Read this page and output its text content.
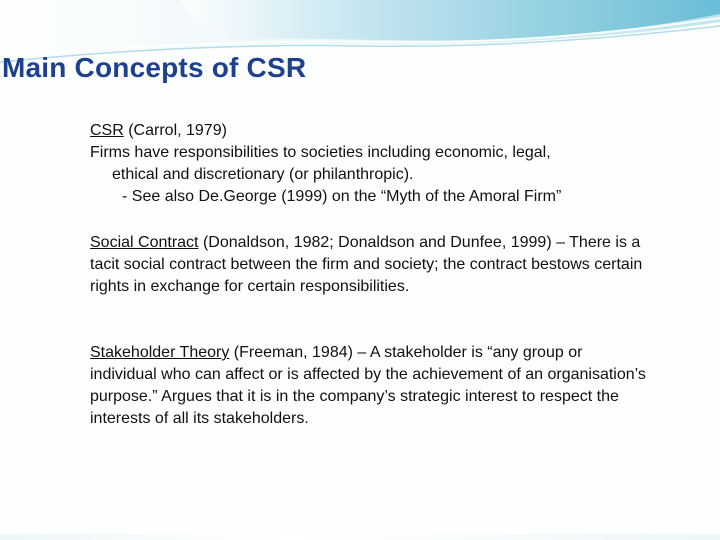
Main Concepts of CSR

CSR (Carrol, 1979)

Firms have responsibilities to societies including economic, legal,

ethical and discretionary (or philanthropic).

- See also De.George (1999) on the “Myth of the Amoral Firm”

Social Contract (Donaldson, 1982; Donaldson and Dunfee, 1999) – There is a tacit social contract between the firm and society; the contract bestows certain rights in exchange for certain responsibilities.

Stakeholder Theory (Freeman, 1984) – A stakeholder is “any group or individual who can affect or is affected by the achievement of an organisation’s purpose.” Argues that it is in the company’s strategic interest to respect the interests of all its stakeholders.
